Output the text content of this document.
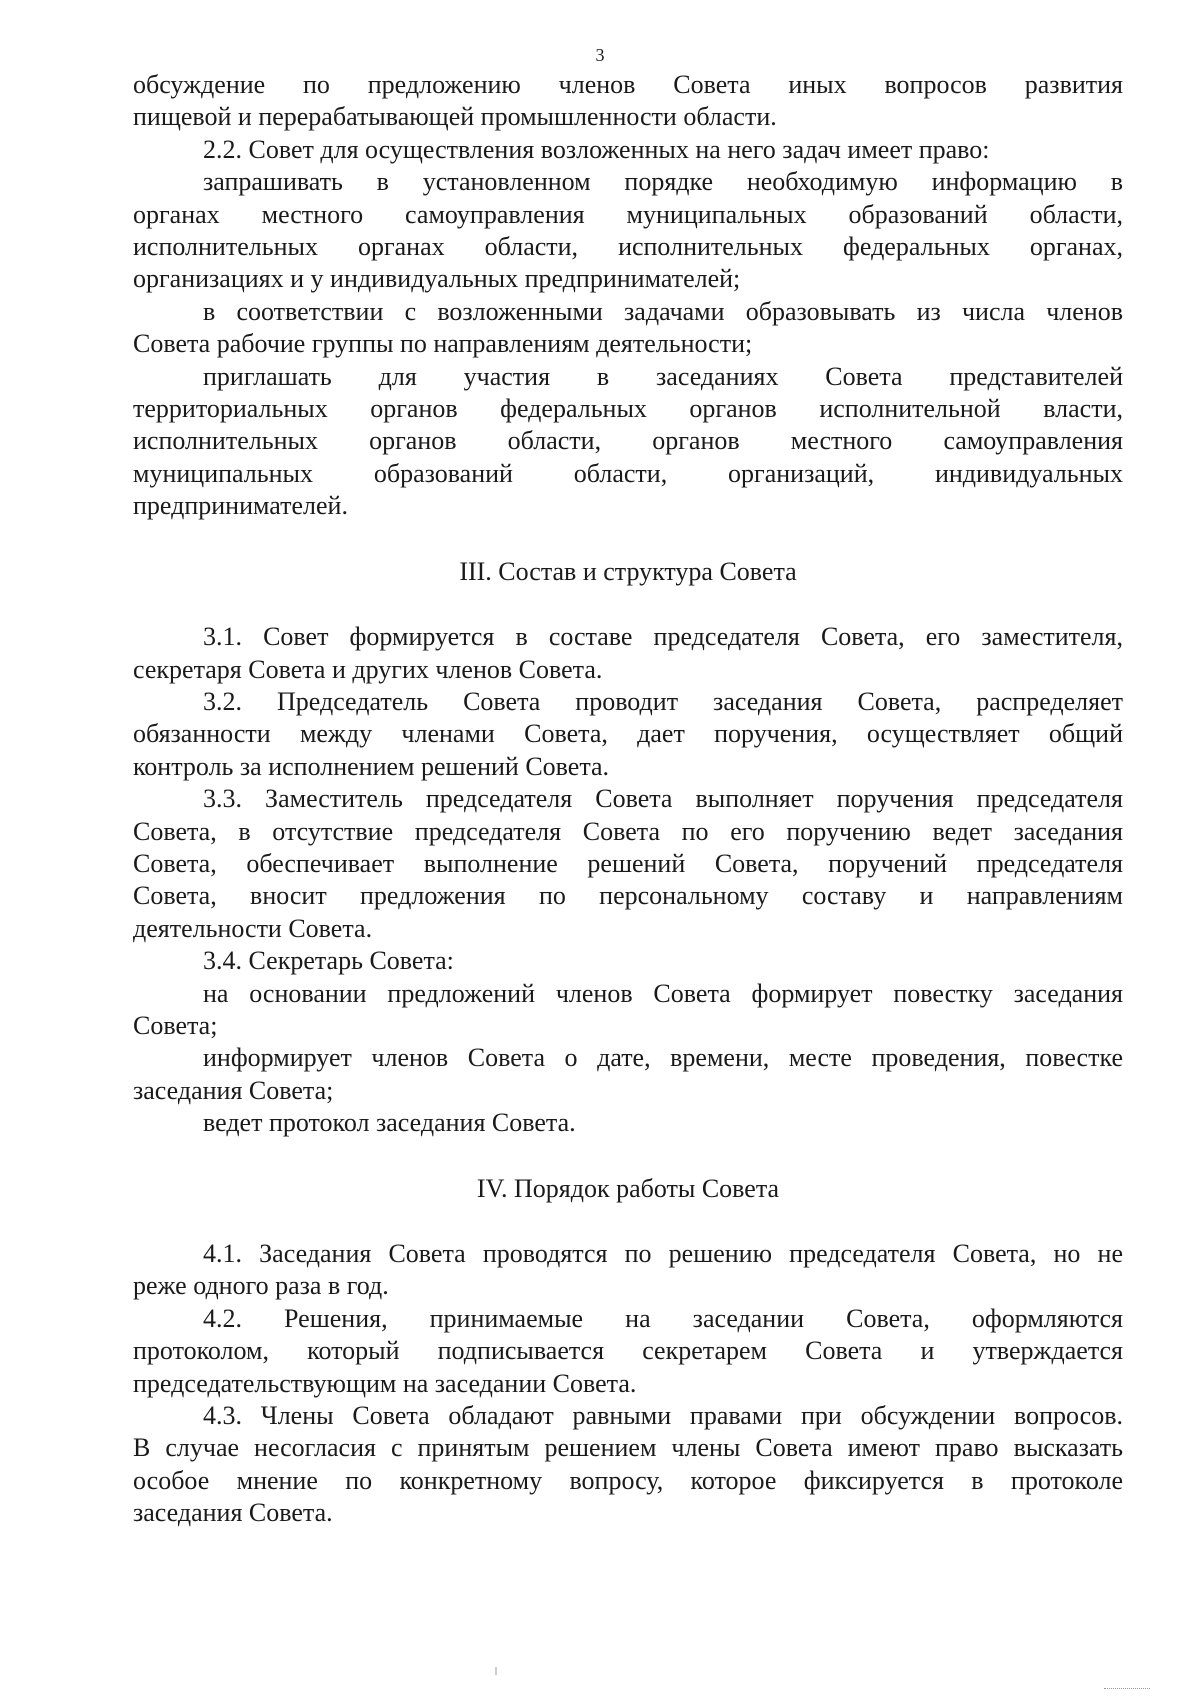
3

обсуждение по предложению членов Совета иных вопросов развития

пищевой и перерабатывающей промышленности области.

2.2. Совет для осуществления возложенных на него задач имеет право:

запрашивать в установленном порядке необходимую информацию в

органах местного самоуправления муниципальных образований области,

исполнительных органах области, исполнительных федеральных органах,

организациях и у индивидуальных предпринимателей;

в соответствии с возложенными задачами образовывать из числа членов

Совета рабочие группы по направлениям деятельности;

приглашать для участия в заседаниях Совета представителей

территориальных органов федеральных органов исполнительной власти,

исполнительных органов области, органов местного самоуправления

муниципальных образований области, организаций, индивидуальных

предпринимателей.

III. Состав и структура Совета

3.1. Совет формируется в составе председателя Совета, его заместителя,

секретаря Совета и других членов Совета.

3.2. Председатель Совета проводит заседания Совета, распределяет

обязанности между членами Совета, дает поручения, осуществляет общий

контроль за исполнением решений Совета.

3.3. Заместитель председателя Совета выполняет поручения председателя

Совета, в отсутствие председателя Совета по его поручению ведет заседания

Совета, обеспечивает выполнение решений Совета, поручений председателя

Совета, вносит предложения по персональному составу и направлениям

деятельности Совета.

3.4. Секретарь Совета:

на основании предложений членов Совета формирует повестку заседания

Совета;

информирует членов Совета о дате, времени, месте проведения, повестке

заседания Совета;

ведет протокол заседания Совета.

IV. Порядок работы Совета

4.1. Заседания Совета проводятся по решению председателя Совета, но не

реже одного раза в год.

4.2. Решения, принимаемые на заседании Совета, оформляются

протоколом, который подписывается секретарем Совета и утверждается

председательствующим на заседании Совета.

4.3. Члены Совета обладают равными правами при обсуждении вопросов.

В случае несогласия с принятым решением члены Совета имеют право высказать

особое мнение по конкретному вопросу, которое фиксируется в протоколе

заседания Совета.
